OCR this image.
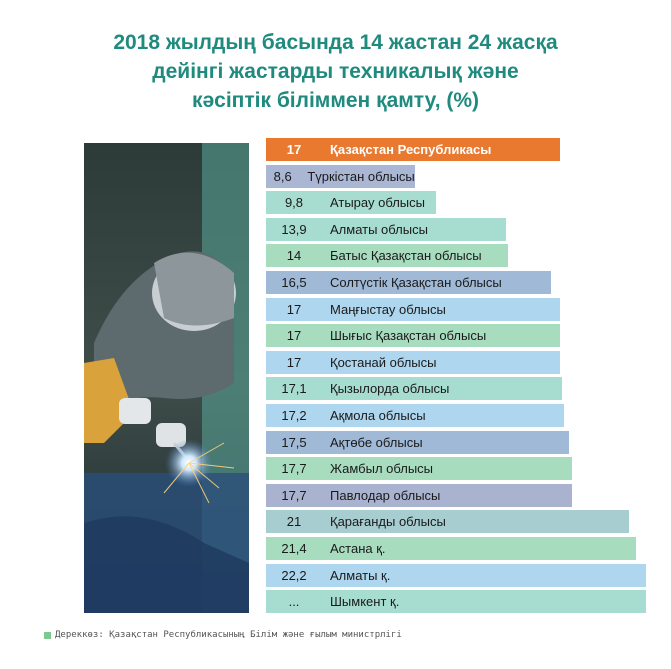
2018 жылдың басында 14 жастан 24 жасқа
дейінгі жастарды техникалық және
кәсіптік біліммен қамту, (%)
17	Қазақстан Республикасы
8,6	Түркістан облысы
9,8	Атырау облысы
13,9	Алматы облысы
14	Батыс Қазақстан облысы
16,5	Солтүстік Қазақстан облысы
17	Маңғыстау облысы
17	Шығыс Қазақстан облысы
17	Қостанай облысы
17,1	Қызылорда облысы
17,2	Ақмола облысы
17,5	Ақтөбе облысы
17,7	Жамбыл облысы
17,7	Павлодар облысы
21	Қарағанды облысы
21,4	Астана қ.
22,2	Алматы қ.
...	Шымкент қ.
Дереккөз: Қазақстан Республикасының Білім және ғылым министрлігі
